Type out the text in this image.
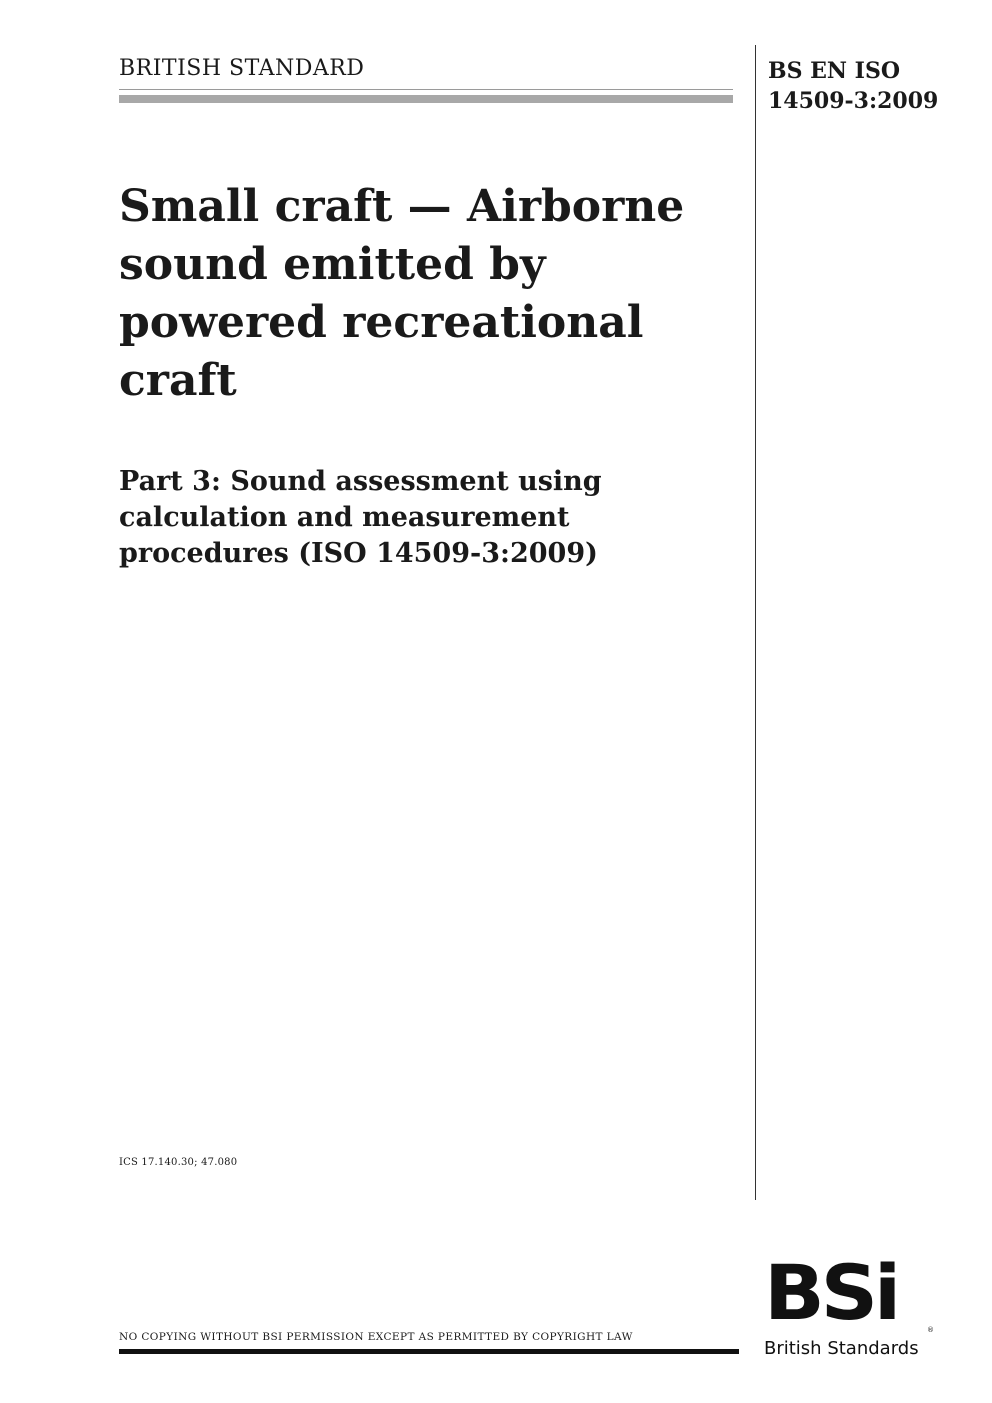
BRITISH STANDARD	BS EN ISO
14509-3:2009
Small craft — Airborne
sound emitted by
powered recreational
craft
Part 3: Sound assessment using
calculation and measurement
procedures (ISO 14509-3:2009)
ICS 17.140.30; 47.080
NO COPYING WITHOUT BSI PERMISSION EXCEPT AS PERMITTED BY COPYRIGHT LAW BSi	®
British Standards
